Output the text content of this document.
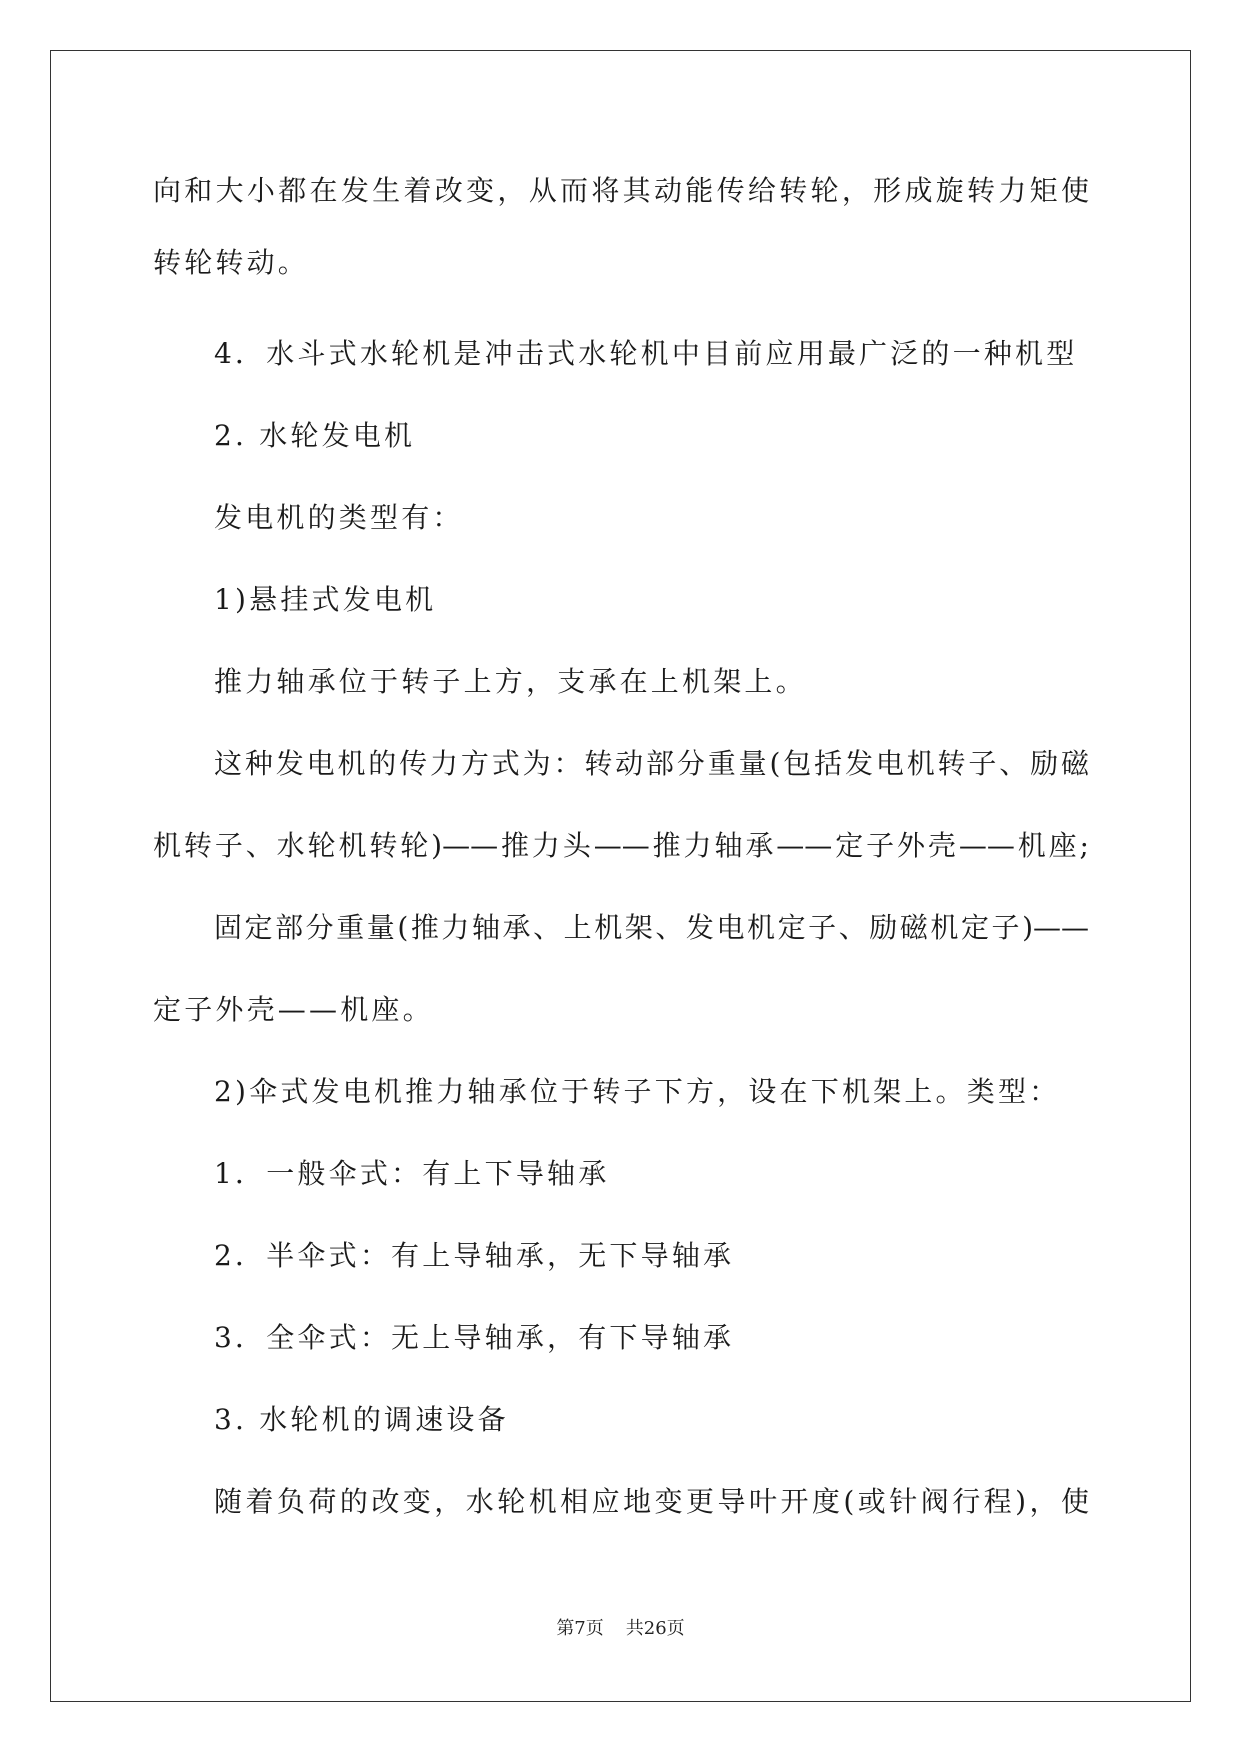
向和大小都在发生着改变，从而将其动能传给转轮，形成旋转力矩使
转轮转动。
4．水斗式水轮机是冲击式水轮机中目前应用最广泛的一种机型
2. 水轮发电机
发电机的类型有：
1)悬挂式发电机
推力轴承位于转子上方，支承在上机架上。
这种发电机的传力方式为：转动部分重量(包括发电机转子、励磁
机转子、水轮机转轮)——推力头——推力轴承——定子外壳——机座;
固定部分重量(推力轴承、上机架、发电机定子、励磁机定子)——
定子外壳——机座。
2)伞式发电机推力轴承位于转子下方，设在下机架上。类型：
1．一般伞式：有上下导轴承
2．半伞式：有上导轴承，无下导轴承
3．全伞式：无上导轴承，有下导轴承
3. 水轮机的调速设备
随着负荷的改变，水轮机相应地变更导叶开度(或针阀行程)，使
第7页 共26页
